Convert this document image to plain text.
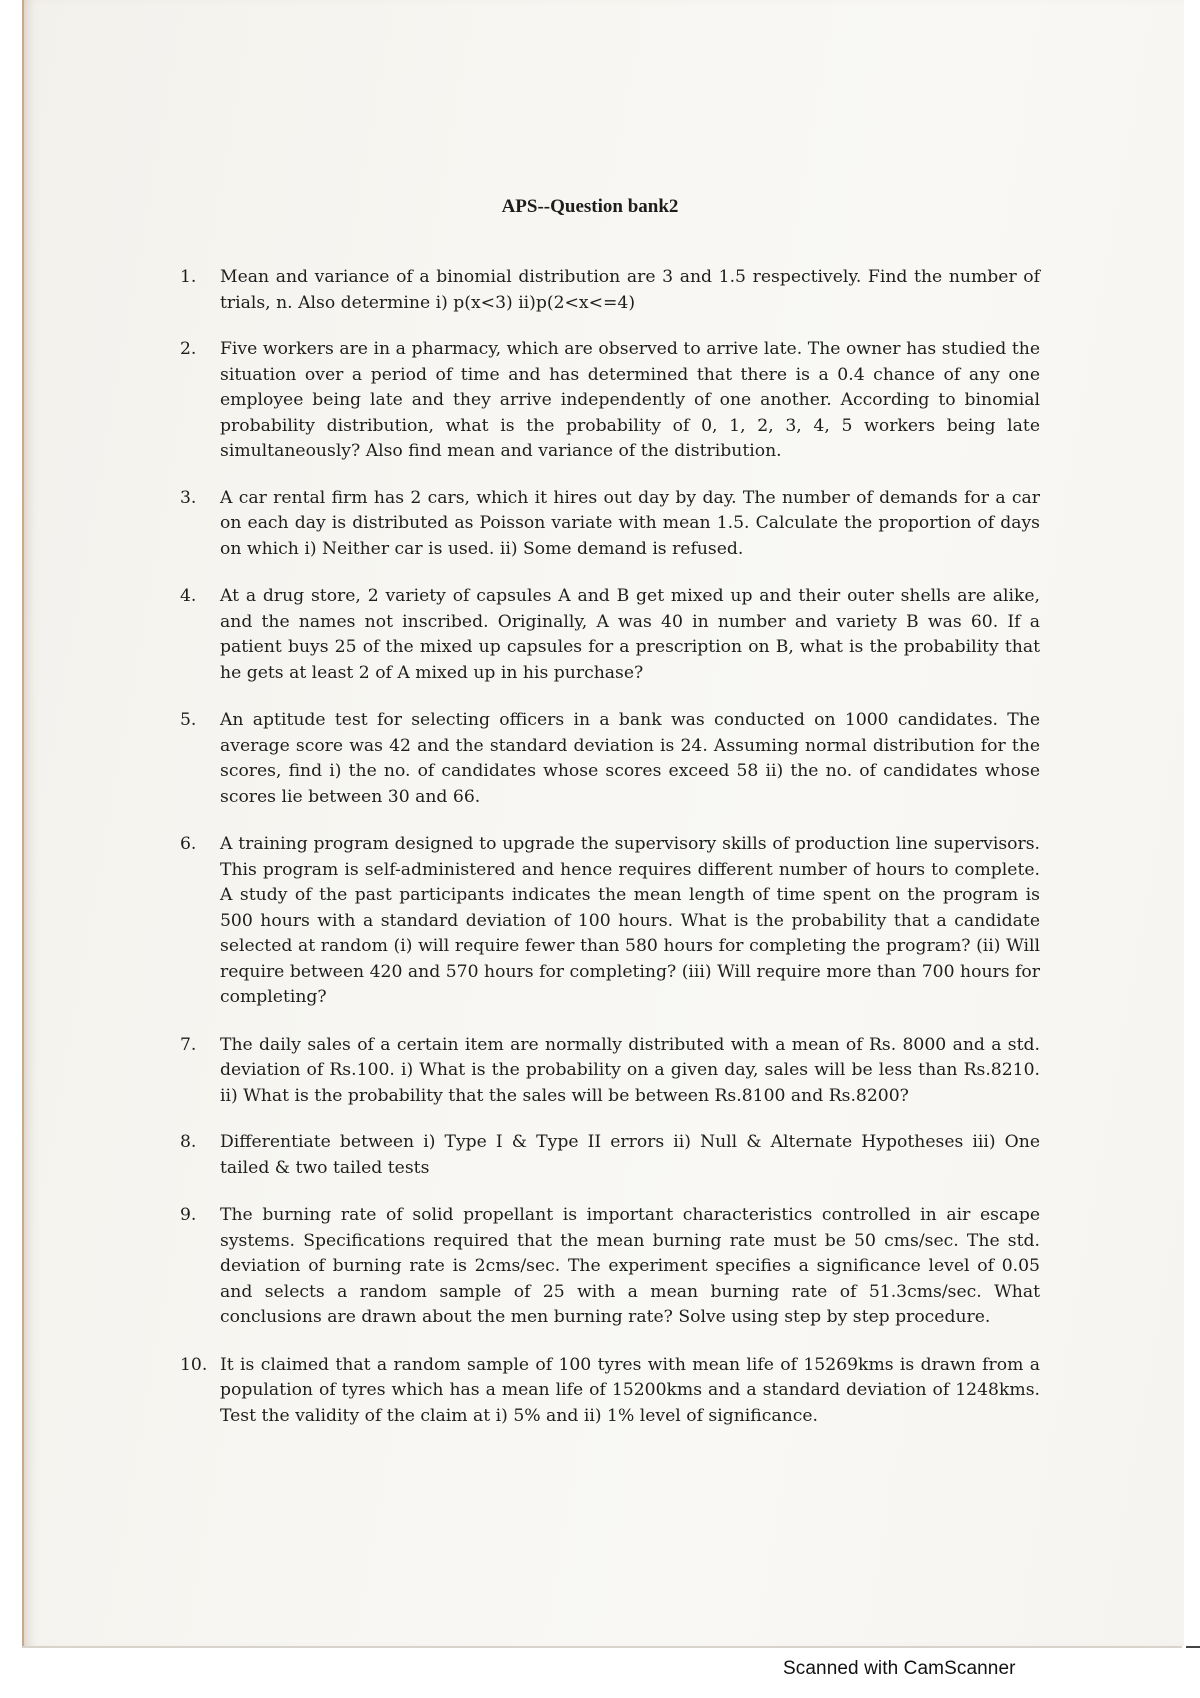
APS--Question bank2
1.	Mean and variance of a binomial distribution are 3 and 1.5 respectively. Find the number of trials, n. Also determine i) p(x<3) ii)p(2<x<=4)
2.	Five workers are in a pharmacy, which are observed to arrive late. The owner has studied the situation over a period of time and has determined that there is a 0.4 chance of any one employee being late and they arrive independently of one another. According to binomial probability distribution, what is the probability of 0, 1, 2, 3, 4, 5 workers being late simultaneously? Also find mean and variance of the distribution.
3.	A car rental firm has 2 cars, which it hires out day by day. The number of demands for a car on each day is distributed as Poisson variate with mean 1.5. Calculate the proportion of days on which i) Neither car is used. ii) Some demand is refused.
4.	At a drug store, 2 variety of capsules A and B get mixed up and their outer shells are alike, and the names not inscribed. Originally, A was 40 in number and variety B was 60. If a patient buys 25 of the mixed up capsules for a prescription on B, what is the probability that he gets at least 2 of A mixed up in his purchase?
5.	An aptitude test for selecting officers in a bank was conducted on 1000 candidates. The average score was 42 and the standard deviation is 24. Assuming normal distribution for the scores, find i) the no. of candidates whose scores exceed 58 ii) the no. of candidates whose scores lie between 30 and 66.
6.	A training program designed to upgrade the supervisory skills of production line supervisors. This program is self-administered and hence requires different number of hours to complete. A study of the past participants indicates the mean length of time spent on the program is 500 hours with a standard deviation of 100 hours. What is the probability that a candidate selected at random (i) will require fewer than 580 hours for completing the program? (ii) Will require between 420 and 570 hours for completing? (iii) Will require more than 700 hours for completing?
7.	The daily sales of a certain item are normally distributed with a mean of Rs. 8000 and a std. deviation of Rs.100. i) What is the probability on a given day, sales will be less than Rs.8210. ii) What is the probability that the sales will be between Rs.8100 and Rs.8200?
8.	Differentiate between i) Type I & Type II errors ii) Null & Alternate Hypotheses iii) One tailed & two tailed tests
9.	The burning rate of solid propellant is important characteristics controlled in air escape systems. Specifications required that the mean burning rate must be 50 cms/sec. The std. deviation of burning rate is 2cms/sec. The experiment specifies a significance level of 0.05 and selects a random sample of 25 with a mean burning rate of 51.3cms/sec. What conclusions are drawn about the men burning rate? Solve using step by step procedure.
10. It is claimed that a random sample of 100 tyres with mean life of 15269kms is drawn from a population of tyres which has a mean life of 15200kms and a standard deviation of 1248kms. Test the validity of the claim at i) 5% and ii) 1% level of significance.
Scanned with CamScanner
